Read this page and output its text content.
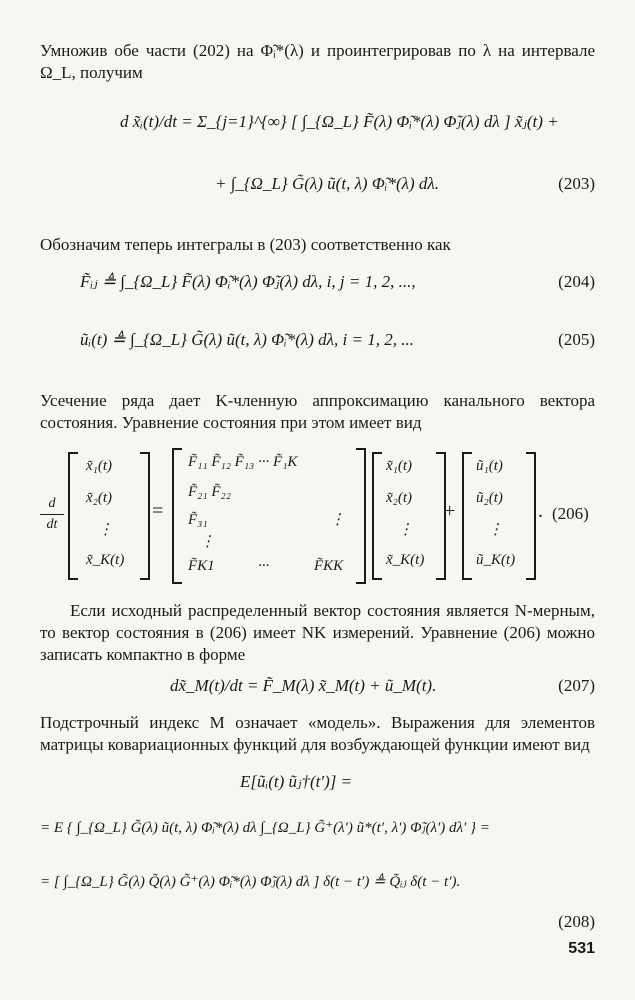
Умножив обе части (202) на Φ̃ᵢ*(λ) и проинтегрировав по λ на интервале Ω_L, получим
d x̃ᵢ(t)/dt = Σ_{j=1}^{∞} [ ∫_{Ω_L} F̃(λ) Φ̃ᵢ*(λ) Φ̃ⱼ(λ) dλ ] x̃ⱼ(t) +
+ ∫_{Ω_L} G̃(λ) ũ(t, λ) Φ̃ᵢ*(λ) dλ.	(203)
Обозначим теперь интегралы в (203) соответственно как
F̃ᵢⱼ ≜ ∫_{Ω_L} F̃(λ) Φ̃ᵢ*(λ) Φ̃ⱼ(λ) dλ, i, j = 1, 2, ...,	(204)
ũᵢ(t) ≜ ∫_{Ω_L} G̃(λ) ũ(t, λ) Φ̃ᵢ*(λ) dλ, i = 1, 2, ...	(205)
Усечение ряда дает K-членную аппроксимацию канального вектора состояния. Уравнение состояния при этом имеет вид
d
dt
x̃₁(t)
x̃₂(t)
⋮
x̃_K(t)
=
F̃₁₁ F̃₁₂ F̃₁₃ ··· F̃₁K
F̃₂₁ F̃₂₂
F̃₃₁
⋮
⋮
F̃K1	···	F̃KK
x̃₁(t)
x̃₂(t)
⋮
x̃_K(t)
+
ũ₁(t)
ũ₂(t)
⋮
ũ_K(t)
. (206)
Если исходный распределенный вектор состояния является N-мерным, то вектор состояния в (206) имеет NK измерений. Уравнение (206) можно записать компактно в форме
dx̃_M(t)/dt = F̃_M(λ) x̃_M(t) + ũ_M(t).	(207)
Подстрочный индекс M означает «модель». Выражения для элементов матрицы ковариационных функций для возбуждающей функции имеют вид
E[ũᵢ(t) ũⱼ†(t′)] =
= E { ∫_{Ω_L} G̃(λ) ũ(t, λ) Φ̃ᵢ*(λ) dλ ∫_{Ω_L} G̃⁺(λ′) ũ*(t′, λ′) Φ̃ⱼ(λ′) dλ′ } =
= [ ∫_{Ω_L} G̃(λ) Q̃(λ) G̃⁺(λ) Φ̃ᵢ*(λ) Φ̃ⱼ(λ) dλ ] δ(t − t′) ≜ Q̃ᵢⱼ δ(t − t′).
(208)
531
